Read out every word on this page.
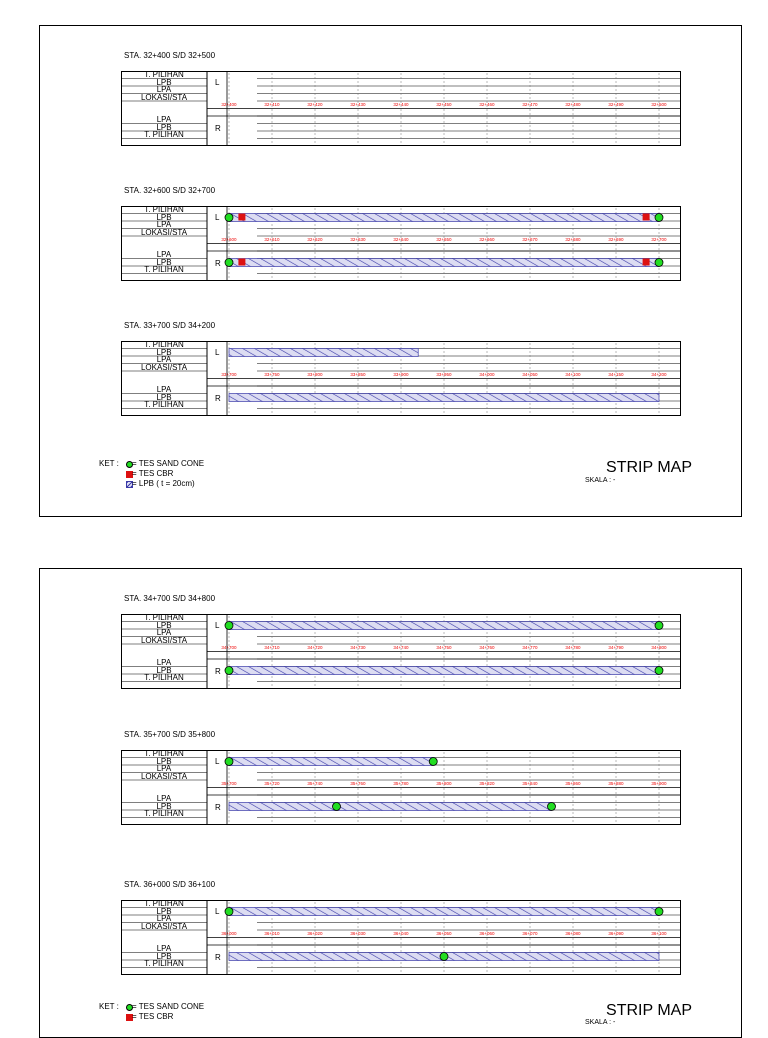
STRIP MAP
SKALA : -
STRIP MAP
SKALA : -
KET : = TES SAND CONE
= TES CBR
= LPB ( t = 20cm)
KET : = TES SAND CONE
= TES CBR
STA. 32+400 S/D 32+500
T. PILIHAN
LPB
LPA
LOKASI/STA
LPA
LPB
T. PILIHAN
L
R
32+400	32+410	32+420	32+430	32+440	32+450	32+460	32+470	32+480	32+490	32+500
STA. 32+600 S/D 32+700
T. PILIHAN
LPB
LPA
LOKASI/STA
LPA
LPB
T. PILIHAN
L
R
32+600	32+610	32+620	32+630	32+640	32+650	32+660	32+670	32+680	32+690	32+700
STA. 33+700 S/D 34+200
T. PILIHAN
LPB
LPA
LOKASI/STA
LPA
LPB
T. PILIHAN
L
R
33+700	33+750	33+800	33+850	33+900	33+950	34+000	34+050	34+100	34+150	34+200
STA. 34+700 S/D 34+800
T. PILIHAN
LPB
LPA
LOKASI/STA
LPA
LPB
T. PILIHAN
L
R
34+700	34+710	34+720	34+730	34+740	34+750	34+760	34+770	34+780	34+790	34+800
STA. 35+700 S/D 35+800
T. PILIHAN
LPB
LPA
LOKASI/STA
LPA
LPB
T. PILIHAN
L
R
35+700	35+720	35+740	35+760	35+780	35+800	35+820	35+840	35+860	35+880	35+900
STA. 36+000 S/D 36+100
T. PILIHAN
LPB
LPA
LOKASI/STA
LPA
LPB
T. PILIHAN
L
R
36+000	36+010	36+020	36+030	36+040	36+050	36+060	36+070	36+080	36+090	36+100
